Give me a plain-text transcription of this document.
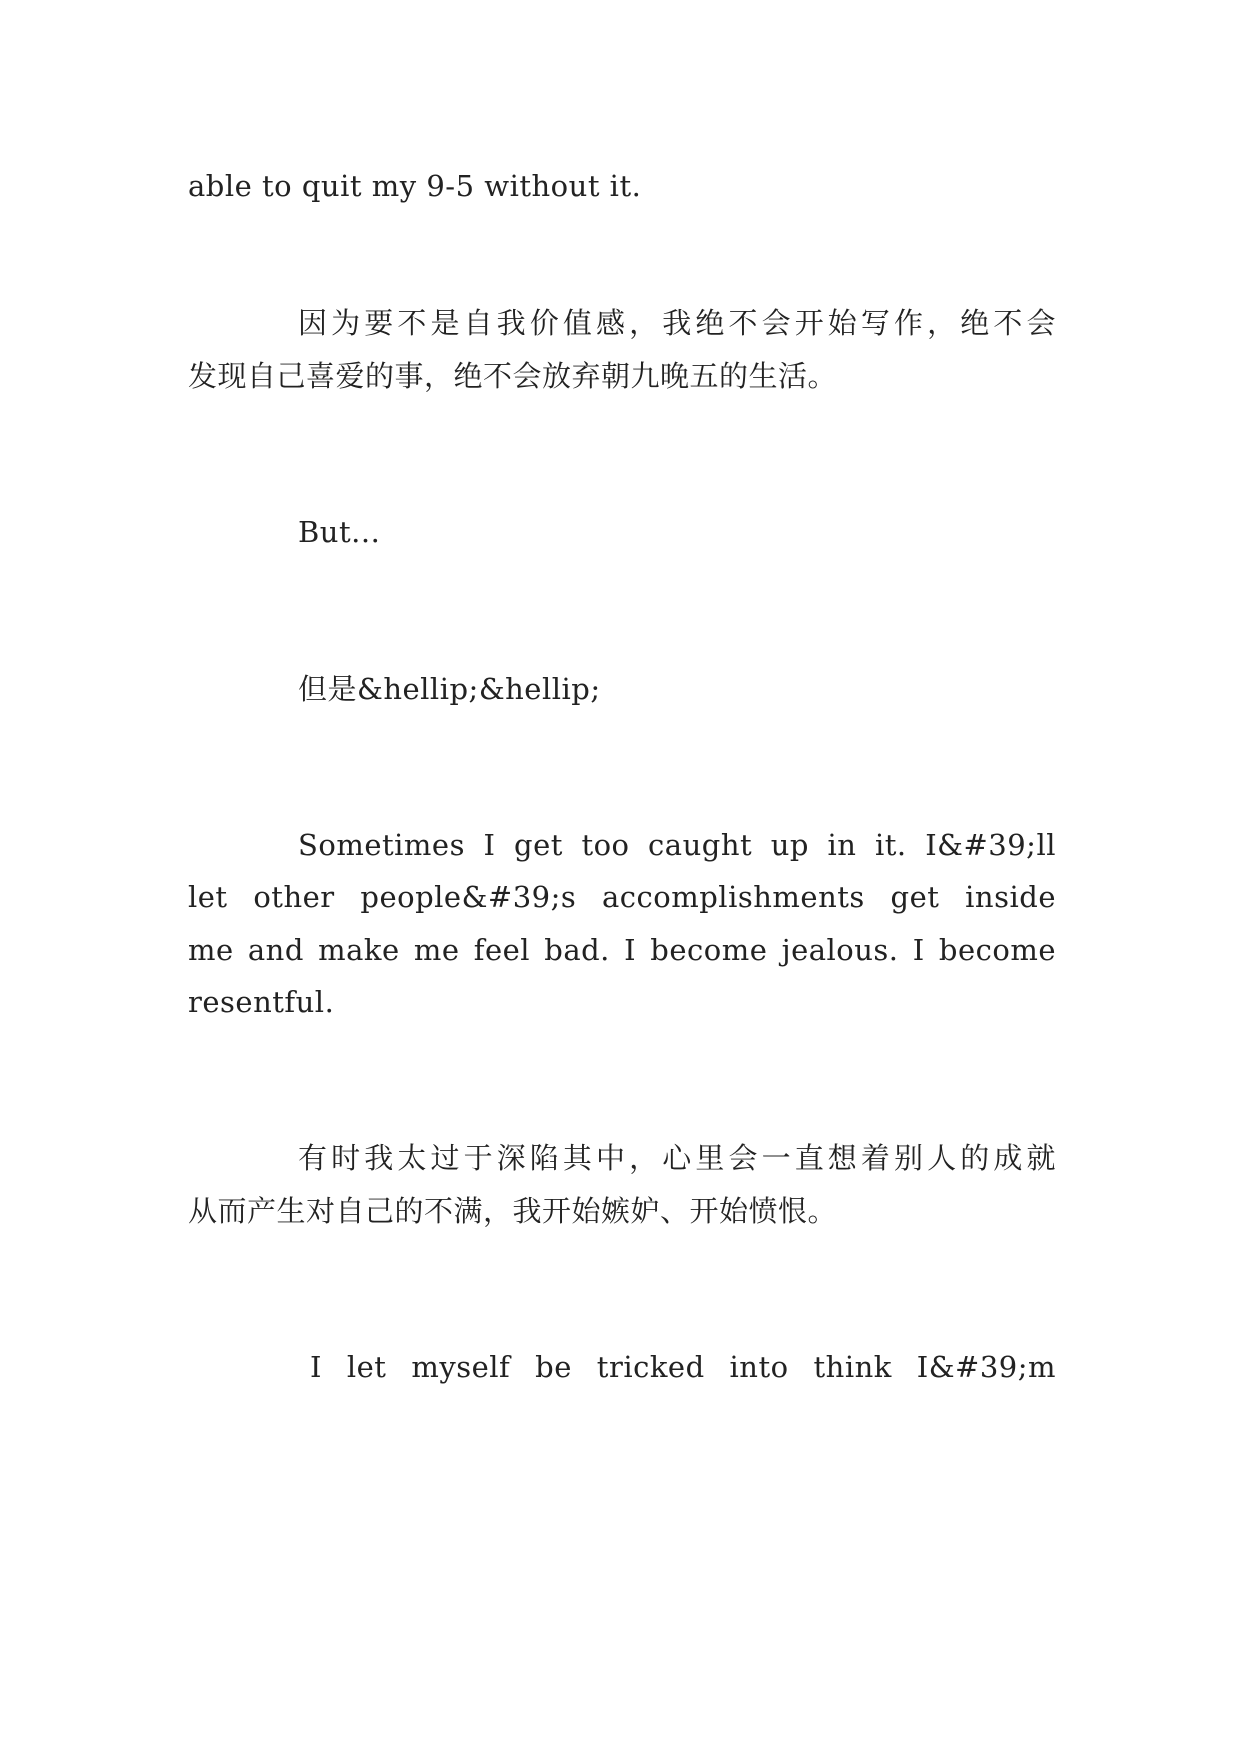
able to quit my 9-5 without it.
因为要不是自我价值感，我绝不会开始写作，绝不会
发现自己喜爱的事，绝不会放弃朝九晚五的生活。
But...
但是&hellip;&hellip;
Sometimes I get too caught up in it. I&#39;ll
let other people&#39;s accomplishments get inside
me and make me feel bad. I become jealous. I become
resentful.
有时我太过于深陷其中，心里会一直想着别人的成就
从而产生对自己的不满，我开始嫉妒、开始愤恨。
I let myself be tricked into think I&#39;m
